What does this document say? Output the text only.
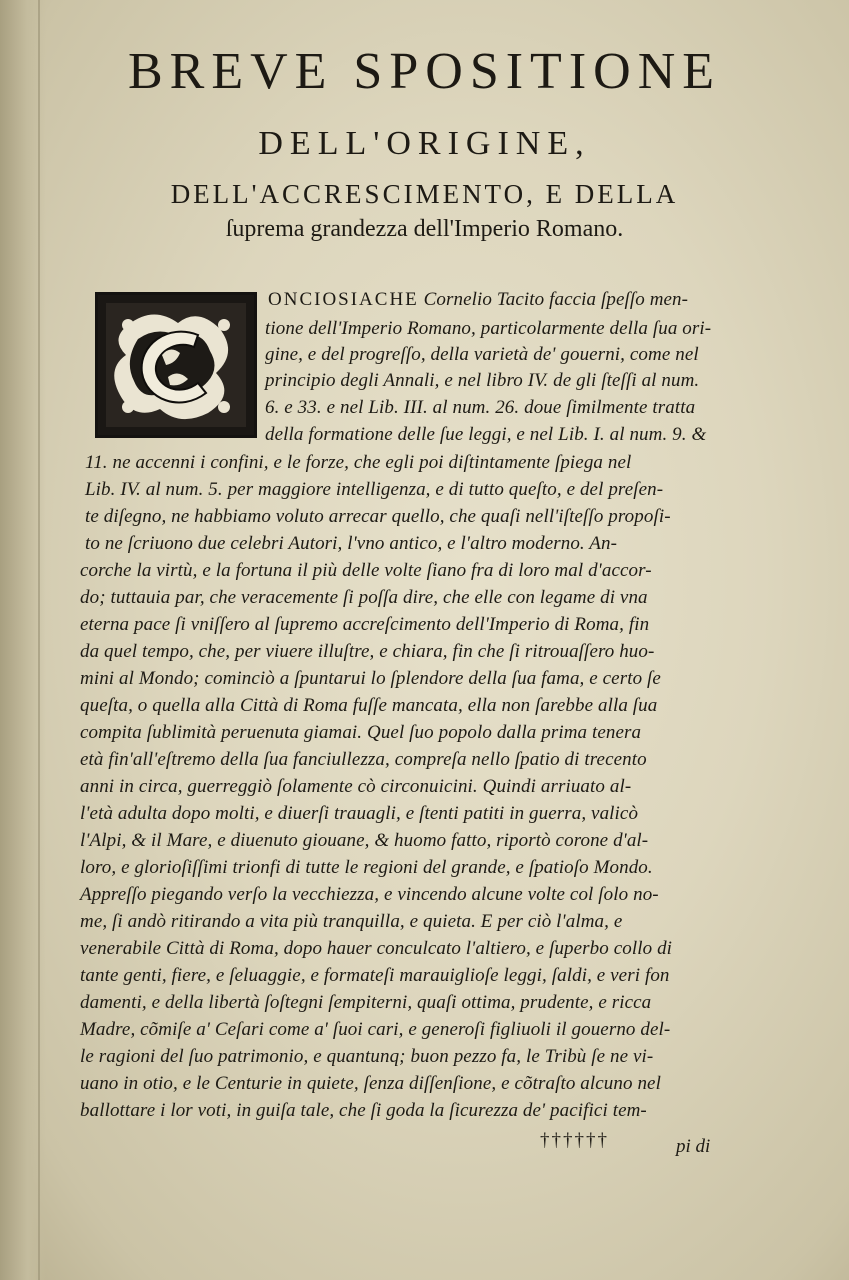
BREVE SPOSITIONE
DELL'ORIGINE,
DELL'ACCRESCIMENTO, E DELLA
ſuprema grandezza dell'Imperio Romano.
ONCIOSIACHE Cornelio Tacito faccia ſpeſſo men-
tione dell'Imperio Romano, particolarmente della ſua ori-
gine, e del progreſſo, della varietà de' gouerni, come nel
principio degli Annali, e nel libro IV. de gli ſteſſi al num.
6. e 33. e nel Lib. III. al num. 26. doue ſimilmente tratta
della formatione delle ſue leggi, e nel Lib. I. al num. 9. &
11. ne accenni i confini, e le forze, che egli poi diſtintamente ſpiega nel
Lib. IV. al num. 5. per maggiore intelligenza, e di tutto queſto, e del preſen-
te diſegno, ne habbiamo voluto arrecar quello, che quaſi nell'iſteſſo propoſi-
to ne ſcriuono due celebri Autori, l'vno antico, e l'altro moderno. An-
corche la virtù, e la fortuna il più delle volte ſiano fra di loro mal d'accor-
do; tuttauia par, che veracemente ſi poſſa dire, che elle con legame di vna
eterna pace ſi vniſſero al ſupremo accreſcimento dell'Imperio di Roma, fin
da quel tempo, che, per viuere illuſtre, e chiara, fin che ſi ritrouaſſero huo-
mini al Mondo; cominciò a ſpuntarui lo ſplendore della ſua fama, e certo ſe
queſta, o quella alla Città di Roma fuſſe mancata, ella non ſarebbe alla ſua
compita ſublimità peruenuta giamai. Quel ſuo popolo dalla prima tenera
età fin'all'eſtremo della ſua fanciullezza, compreſa nello ſpatio di trecento
anni in circa, guerreggiò ſolamente cò circonuicini. Quindi arriuato al-
l'età adulta dopo molti, e diuerſi trauagli, e ſtenti patiti in guerra, valicò
l'Alpi, & il Mare, e diuenuto giouane, & huomo fatto, riportò corone d'al-
loro, e glorioſiſſimi trionfi di tutte le regioni del grande, e ſpatioſo Mondo.
Appreſſo piegando verſo la vecchiezza, e vincendo alcune volte col ſolo no-
me, ſi andò ritirando a vita più tranquilla, e quieta. E per ciò l'alma, e
venerabile Città di Roma, dopo hauer conculcato l'altiero, e ſuperbo collo di
tante genti, fiere, e ſeluaggie, e formateſi marauiglioſe leggi, ſaldi, e veri fon
damenti, e della libertà ſoſtegni ſempiterni, quaſi ottima, prudente, e ricca
Madre, cõmiſe a' Ceſari come a' ſuoi cari, e generoſi figliuoli il gouerno del-
le ragioni del ſuo patrimonio, e quantunq; buon pezzo fa, le Tribù ſe ne vi-
uano in otio, e le Centurie in quiete, ſenza diſſenſione, e cõtraſto alcuno nel
ballottare i lor voti, in guiſa tale, che ſi goda la ſicurezza de' pacifici tem-
††††††	pi di
